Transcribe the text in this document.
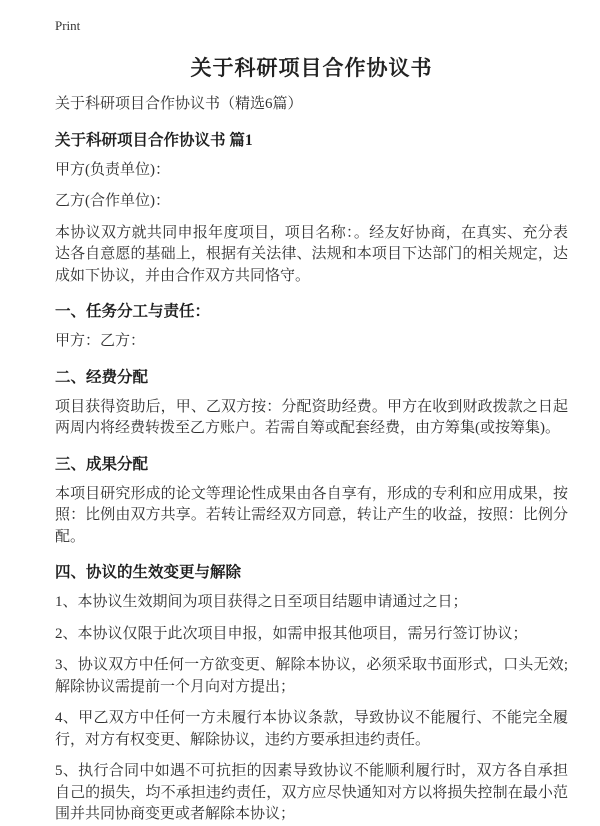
Print
关于科研项目合作协议书
关于科研项目合作协议书（精选6篇）
关于科研项目合作协议书 篇1
甲方(负责单位)：
乙方(合作单位)：
本协议双方就共同申报年度项目，项目名称：。经友好协商，在真实、充分表达各自意愿的基础上，根据有关法律、法规和本项目下达部门的相关规定，达成如下协议，并由合作双方共同恪守。
一、任务分工与责任：
甲方：乙方：
二、经费分配
项目获得资助后，甲、乙双方按：分配资助经费。甲方在收到财政拨款之日起两周内将经费转拨至乙方账户。若需自筹或配套经费，由方筹集(或按筹集)。
三、成果分配
本项目研究形成的论文等理论性成果由各自享有，形成的专利和应用成果，按照：比例由双方共享。若转让需经双方同意，转让产生的收益，按照：比例分配。
四、协议的生效变更与解除
1、本协议生效期间为项目获得之日至项目结题申请通过之日；
2、本协议仅限于此次项目申报，如需申报其他项目，需另行签订协议；
3、协议双方中任何一方欲变更、解除本协议，必须采取书面形式，口头无效;解除协议需提前一个月向对方提出；
4、甲乙双方中任何一方未履行本协议条款，导致协议不能履行、不能完全履行，对方有权变更、解除协议，违约方要承担违约责任。
5、执行合同中如遇不可抗拒的因素导致协议不能顺利履行时，双方各自承担自己的损失，均不承担违约责任，双方应尽快通知对方以将损失控制在最小范围并共同协商变更或者解除本协议；
